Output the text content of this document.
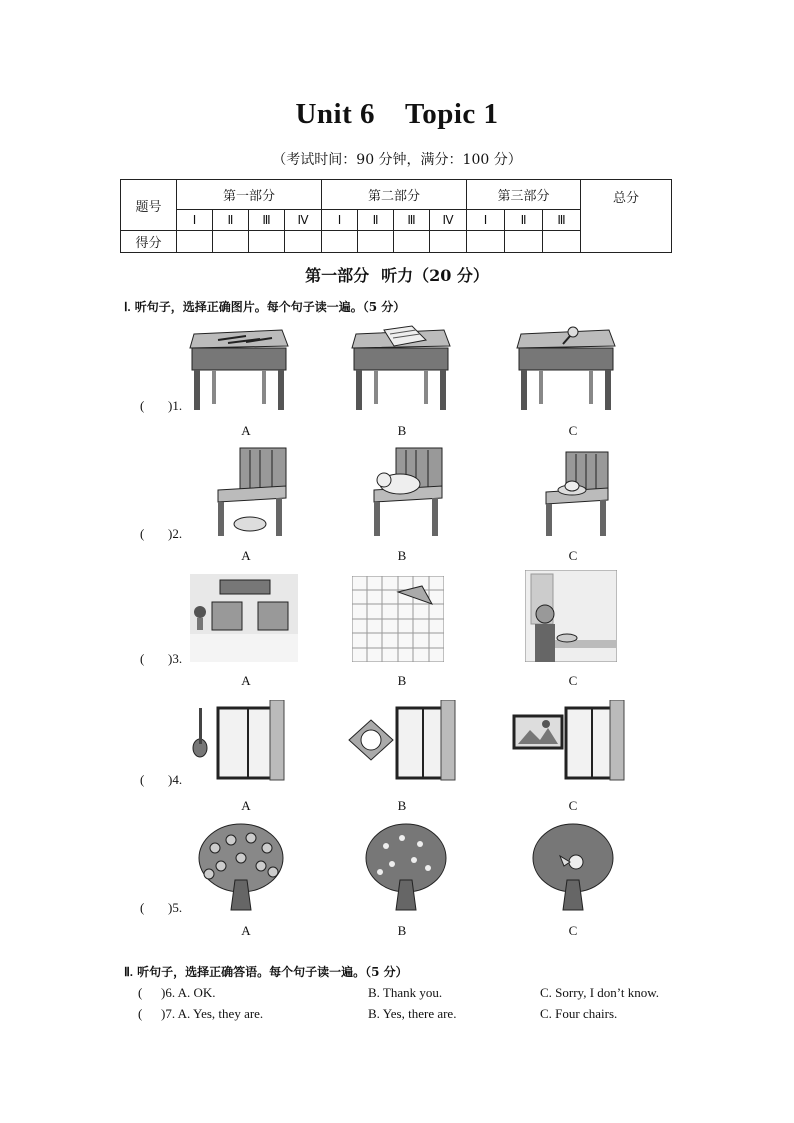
Unit 6 Topic 1
（考试时间：90 分钟，满分：100 分）
题号	第一部分				第二部分				第三部分			总分
	Ⅰ	Ⅱ	Ⅲ	Ⅳ	Ⅰ	Ⅱ	Ⅲ	Ⅳ	Ⅰ	Ⅱ	Ⅲ	
得分												
第一部分 听力（20 分）
Ⅰ. 听句子，选择正确图片。每个句子读一遍。（5 分）
( )1.
A	B	C
( )2.
A	B	C
( )3.
A	B	C
( )4.
A	B	C
( )5.
A	B	C
Ⅱ. 听句子，选择正确答语。每个句子读一遍。（5 分）
( )6. A. OK.	B. Thank you.	C. Sorry, I don’t know.
( )7. A. Yes, they are.	B. Yes, there are.	C. Four chairs.
